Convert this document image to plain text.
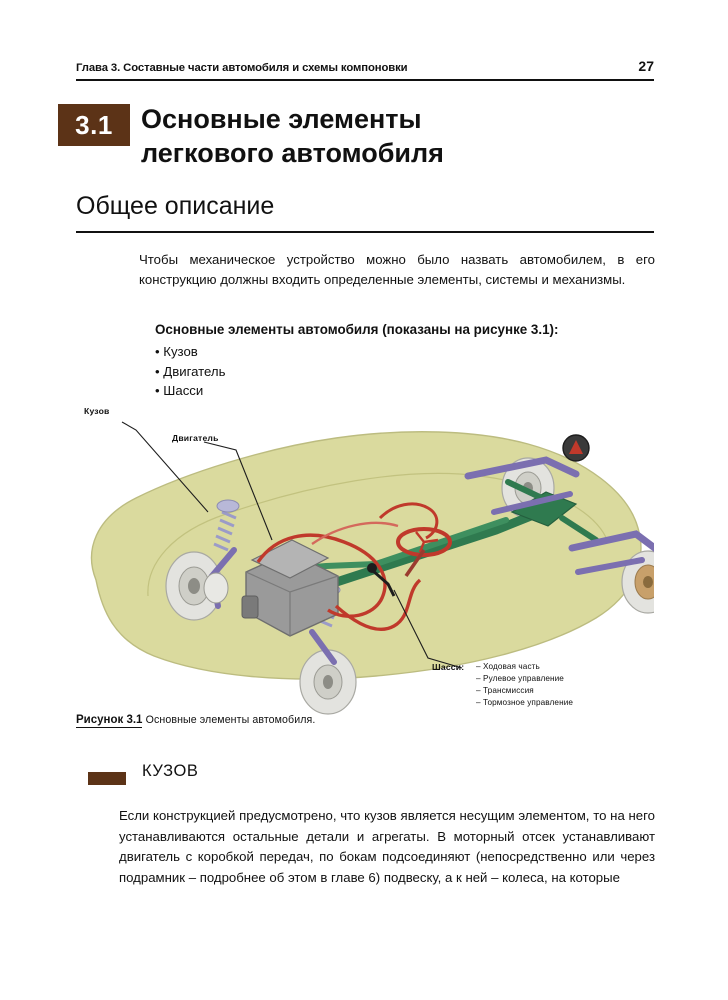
Глава 3. Составные части автомобиля и схемы компоновки	27
3.1	Основные элементы
легкового автомобиля
Общее описание
Чтобы механическое устройство можно было назвать автомобилем, в его конструкцию должны входить определенные элементы, системы и механизмы.
Основные элементы автомобиля (показаны на рисунке 3.1):
• Кузов
• Двигатель
• Шасси
Кузов
Двигатель
Шасси: – Ходовая часть
– Рулевое управление
– Трансмиссия
– Тормозное управление
Рисунок 3.1 Основные элементы автомобиля.
КУЗОВ
Если конструкцией предусмотрено, что кузов является несущим элементом, то на него устанавливаются остальные детали и агрегаты. В моторный отсек устанавливают двигатель с коробкой передач, по бокам подсоединяют (непосредственно или через подрамник – подробнее об этом в главе 6) подвеску, а к ней – колеса, на которые
